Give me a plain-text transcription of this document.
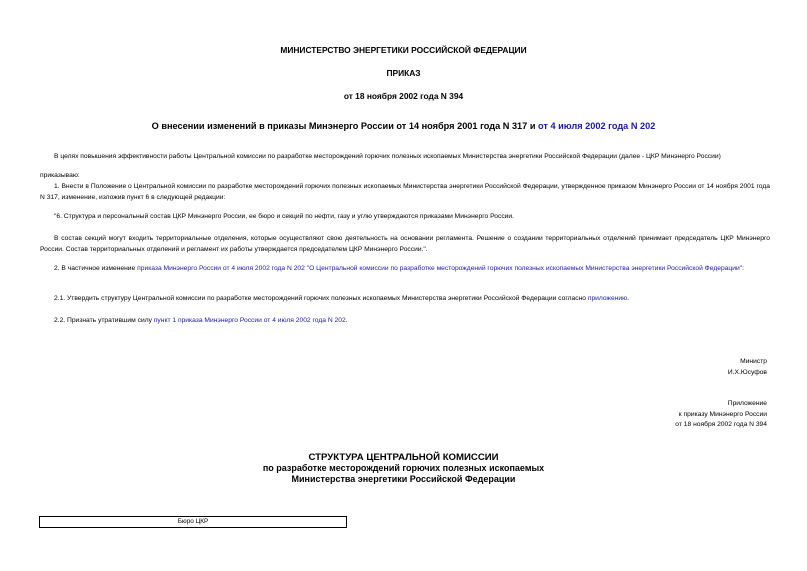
МИНИСТЕРСТВО ЭНЕРГЕТИКИ РОССИЙСКОЙ ФЕДЕРАЦИИ
ПРИКАЗ
от 18 ноября 2002 года N 394
О внесении изменений в приказы Минэнерго России от 14 ноября 2001 года N 317 и от 4 июля 2002 года N 202
В целях повышения эффективности работы Центральной комиссии по разработке месторождений горючих полезных ископаемых Министерства энергетики Российской Федерации (далее - ЦКР Минэнерго России)
приказываю:
1. Внести в Положение о Центральной комиссии по разработке месторождений горючих полезных ископаемых Министерства энергетики Российской Федерации, утвержденное приказом Минэнерго России от 14 ноября 2001 года N 317, изменение, изложив пункт 6 в следующей редакции:
"6. Структура и персональный состав ЦКР Минэнерго России, ее бюро и секций по нефти, газу и углю утверждаются приказами Минэнерго России.
В состав секций могут входить территориальные отделения, которые осуществляют свою деятельность на основании регламента. Решение о создании территориальных отделений принимает председатель ЦКР Минэнерго России. Состав территориальных отделений и регламент их работы утверждается председателем ЦКР Минэнерго России.".
2. В частичное изменение приказа Минэнерго России от 4 июля 2002 года N 202 "О Центральной комиссии по разработке месторождений горючих полезных ископаемых Министерства энергетики Российской Федерации":
2.1. Утвердить структуру Центральной комиссии по разработке месторождений горючих полезных ископаемых Министерства энергетики Российской Федерации согласно приложению.
2.2. Признать утратившим силу пункт 1 приказа Минэнерго России от 4 июля 2002 года N 202.
Министр
И.Х.Юсуфов
Приложение
к приказу Минэнерго России
от 18 ноября 2002 года N 394
СТРУКТУРА ЦЕНТРАЛЬНОЙ КОМИССИИ
по разработке месторождений горючих полезных ископаемых
Министерства энергетики Российской Федерации
Бюро ЦКР
